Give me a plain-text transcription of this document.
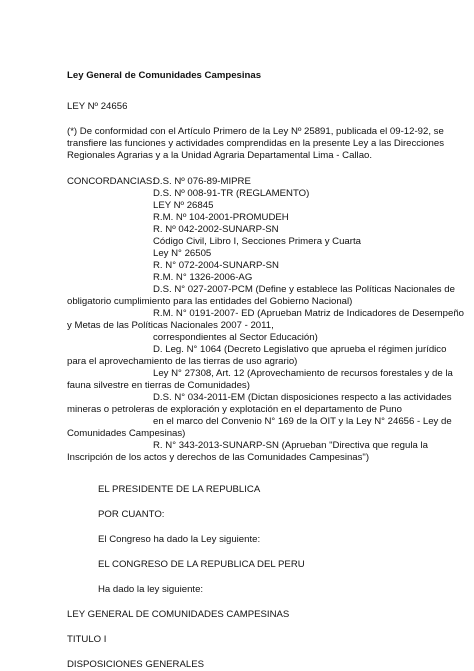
Ley General de Comunidades Campesinas

LEY Nº 24656

(*) De conformidad con el Artículo Primero de la Ley Nº 25891, publicada el 09-12-92, se

transfiere las funciones y actividades comprendidas en la presente Ley a las Direcciones

Regionales Agrarias y a la Unidad Agraria Departamental Lima - Callao.

CONCORDANCIAS:
D.S. Nº 076-89-MIPRE
D.S. Nº 008-91-TR (REGLAMENTO)
LEY Nº 26845
R.M. Nº 104-2001-PROMUDEH
R. Nº 042-2002-SUNARP-SN
Código Civil, Libro I, Secciones Primera y Cuarta
Ley N° 26505
R. N° 072-2004-SUNARP-SN
R.M. N° 1326-2006-AG
D.S. N° 027-2007-PCM (Define y establece las Políticas Nacionales de
obligatorio cumplimiento para las entidades del Gobierno Nacional)
R.M. N° 0191-2007- ED (Aprueban Matriz de Indicadores de Desempeño
y Metas de las Políticas Nacionales 2007 - 2011,
correspondientes al Sector Educación)
D. Leg. N° 1064 (Decreto Legislativo que aprueba el régimen jurídico
para el aprovechamiento de las tierras de uso agrario)
Ley N° 27308, Art. 12 (Aprovechamiento de recursos forestales y de la
fauna silvestre en tierras de Comunidades)
D.S. N° 034-2011-EM (Dictan disposiciones respecto a las actividades
mineras o petroleras de exploración y explotación en el departamento de Puno
en el marco del Convenio N° 169 de la OIT y la Ley N° 24656 - Ley de
Comunidades Campesinas)
R. N° 343-2013-SUNARP-SN (Aprueban "Directiva que regula la
Inscripción de los actos y derechos de las Comunidades Campesinas")

EL PRESIDENTE DE LA REPUBLICA

POR CUANTO:

El Congreso ha dado la Ley siguiente:

EL CONGRESO DE LA REPUBLICA DEL PERU

Ha dado la ley siguiente:

LEY GENERAL DE COMUNIDADES CAMPESINAS

TITULO I

DISPOSICIONES GENERALES
